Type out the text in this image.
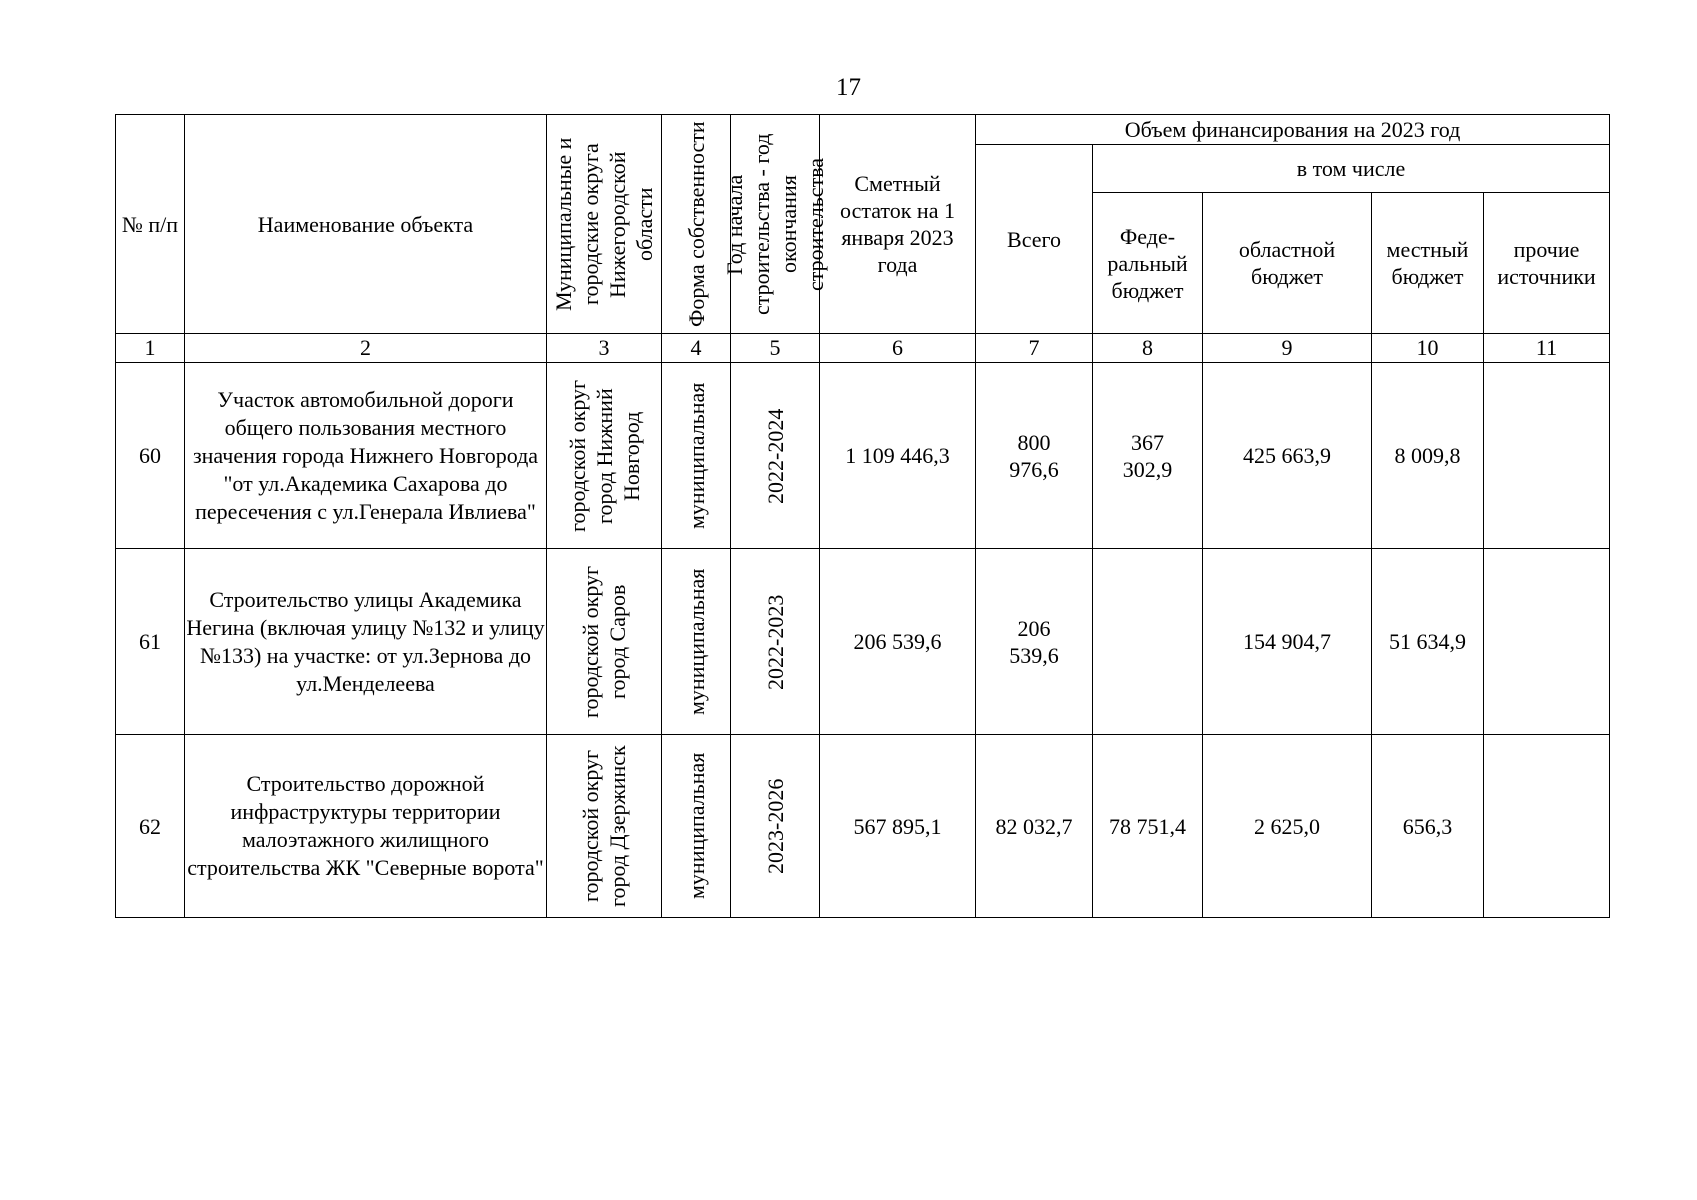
17
№ п/п	Наименование объекта	Муниципальные и городские округа Нижегородской области	Форма собственности	Год начала строительства - год окончания строительства	Сметный остаток на 1 января 2023 года	Объем финансирования на 2023 год				
						Всего	в том числе			
							Феде-ральный бюджет	областной бюджет	местный бюджет	прочие источники
1	2	3	4	5	6	7	8	9	10	11
60	Участок автомобильной дороги общего пользования местного значения города Нижнего Новгорода "от ул.Академика Сахарова до пересечения с ул.Генерала Ивлиева"	городской округ город Нижний Новгород	муниципальная	2022-2024	1 109 446,3	800 976,6	367 302,9	425 663,9	8 009,8	
61	Строительство улицы Академика Негина (включая улицу №132 и улицу №133) на участке: от ул.Зернова до ул.Менделеева	городской округ город Саров	муниципальная	2022-2023	206 539,6	206 539,6		154 904,7	51 634,9	
62	Строительство дорожной инфраструктуры территории малоэтажного жилищного строительства ЖК "Северные ворота"	городской округ город Дзержинск	муниципальная	2023-2026	567 895,1	82 032,7	78 751,4	2 625,0	656,3	
